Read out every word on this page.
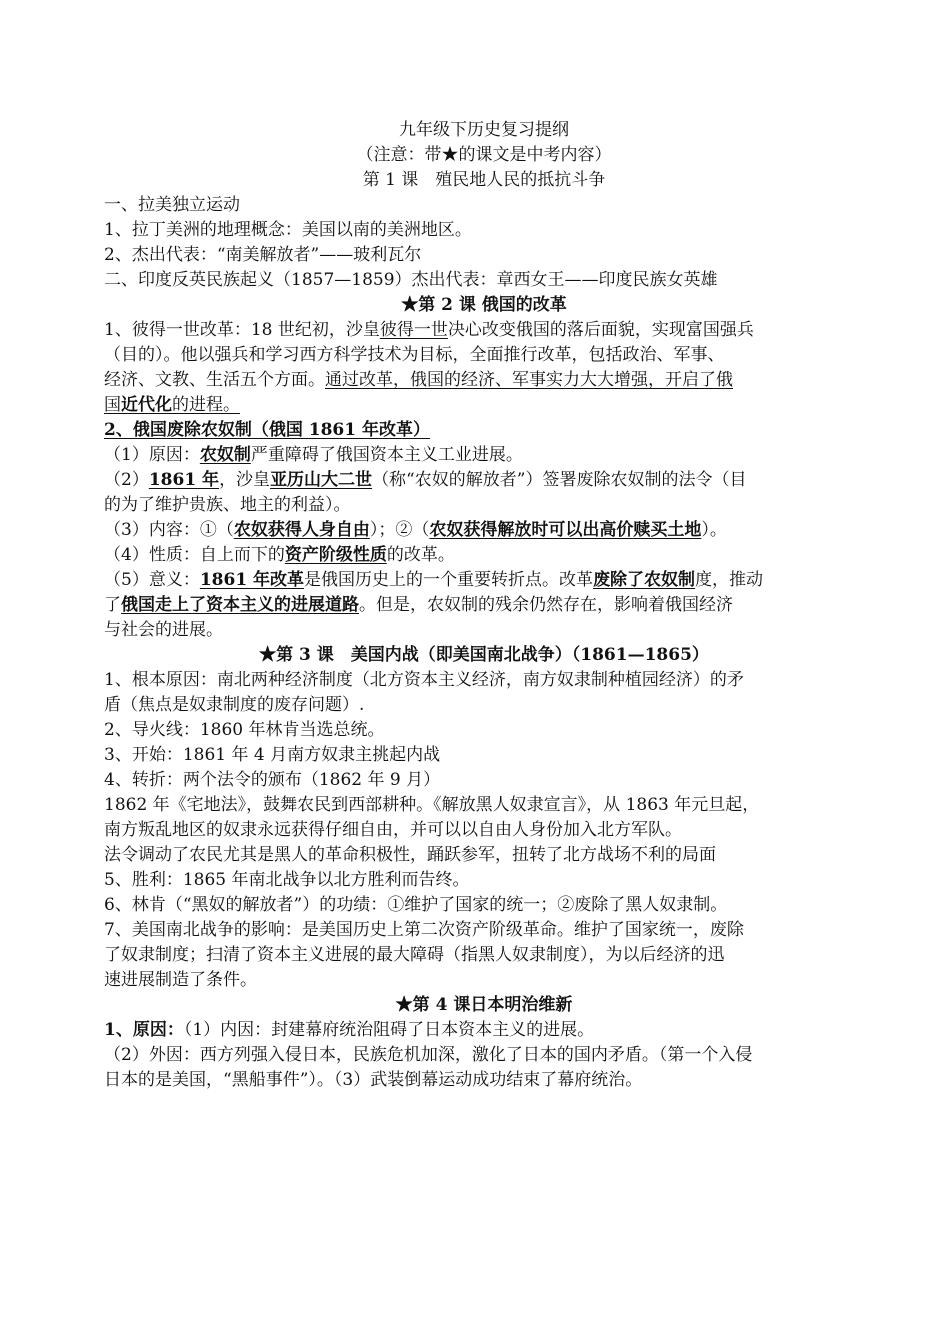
九年级下历史复习提纲
（注意：带★的课文是中考内容）
第 1 课　殖民地人民的抵抗斗争
一、拉美独立运动
1、拉丁美洲的地理概念：美国以南的美洲地区。
2、杰出代表：“南美解放者”——玻利瓦尔
二、印度反英民族起义（1857—1859）杰出代表：章西女王——印度民族女英雄
★第 2 课 俄国的改革
1、彼得一世改革：18 世纪初，沙皇彼得一世决心改变俄国的落后面貌，实现富国强兵
（目的）。他以强兵和学习西方科学技术为目标，全面推行改革，包括政治、军事、
经济、文教、生活五个方面。通过改革，俄国的经济、军事实力大大增强，开启了俄
国近代化的进程。
2、俄国废除农奴制（俄国 1861 年改革）
（1）原因：农奴制严重障碍了俄国资本主义工业进展。
（2）1861 年，沙皇亚历山大二世（称“农奴的解放者”）签署废除农奴制的法令（目
的为了维护贵族、地主的利益）。
（3）内容：①（农奴获得人身自由）；②（农奴获得解放时可以出高价赎买土地）。
（4）性质：自上而下的资产阶级性质的改革。
（5）意义：1861 年改革是俄国历史上的一个重要转折点。改革废除了农奴制度，推动
了俄国走上了资本主义的进展道路。但是，农奴制的残余仍然存在，影响着俄国经济
与社会的进展。
★第 3 课　美国内战（即美国南北战争）（1861—1865）
1、根本原因：南北两种经济制度（北方资本主义经济，南方奴隶制种植园经济）的矛
盾（焦点是奴隶制度的废存问题）.
2、导火线：1860 年林肯当选总统。
3、开始：1861 年 4 月南方奴隶主挑起内战
4、转折：两个法令的颁布（1862 年 9 月）
1862 年《宅地法》，鼓舞农民到西部耕种。《解放黑人奴隶宣言》，从 1863 年元旦起，
南方叛乱地区的奴隶永远获得仔细自由，并可以以自由人身份加入北方军队。
法令调动了农民尤其是黑人的革命积极性，踊跃参军，扭转了北方战场不利的局面
5、胜利：1865 年南北战争以北方胜利而告终。
6、林肯（“黑奴的解放者”）的功绩：①维护了国家的统一；②废除了黑人奴隶制。
7、美国南北战争的影响：是美国历史上第二次资产阶级革命。维护了国家统一，废除
了奴隶制度；扫清了资本主义进展的最大障碍（指黑人奴隶制度），为以后经济的迅
速进展制造了条件。
★第 4 课日本明治维新
1、原因：（1）内因：封建幕府统治阻碍了日本资本主义的进展。
（2）外因：西方列强入侵日本，民族危机加深，激化了日本的国内矛盾。（第一个入侵
日本的是美国，“黑船事件”）。（3）武装倒幕运动成功结束了幕府统治。
